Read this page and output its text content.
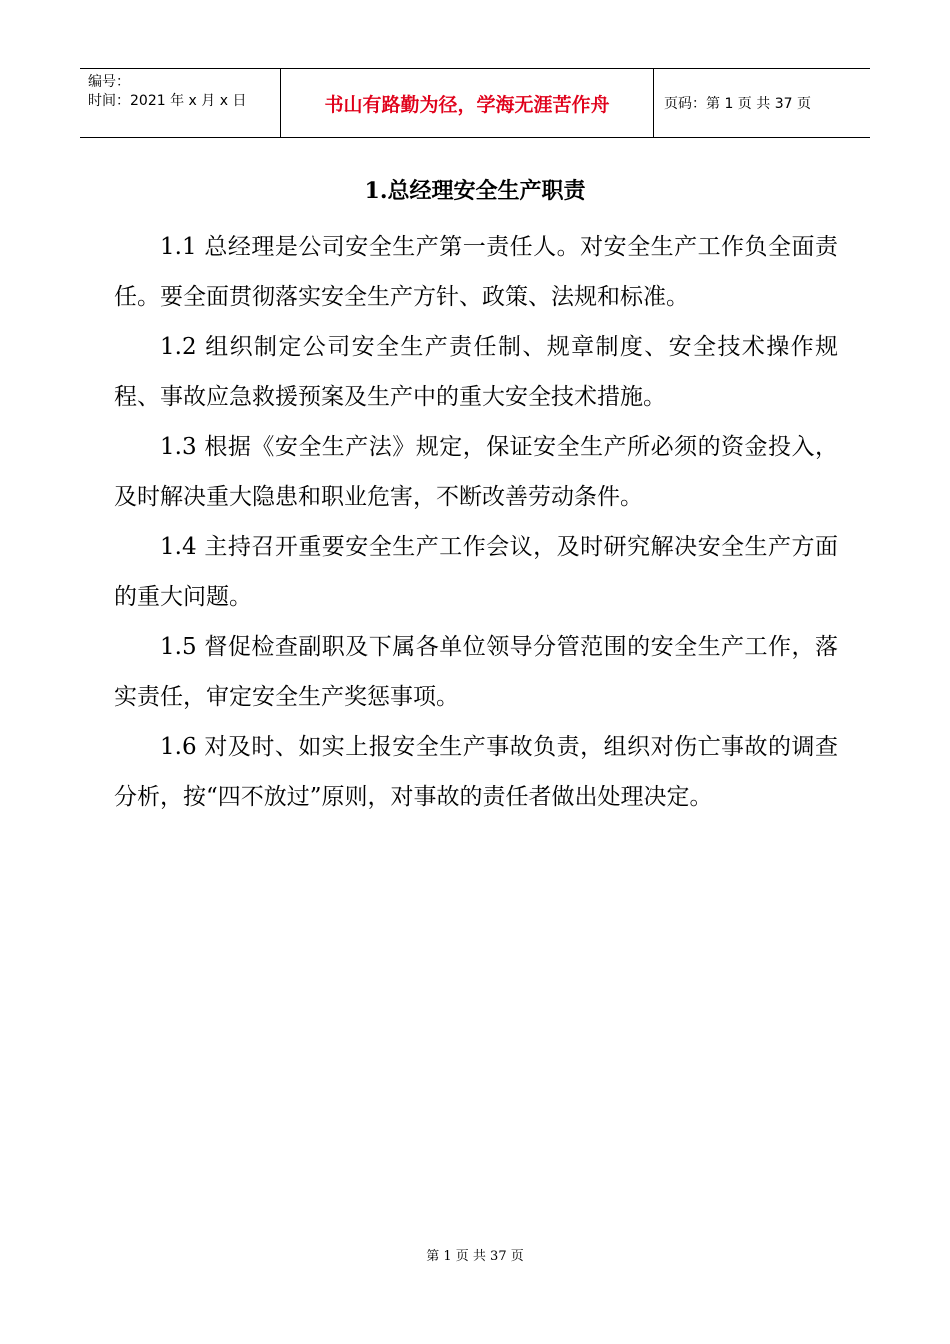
编号：
时间：2021 年 x 月 x 日	书山有路勤为径，学海无涯苦作舟	页码：第 1 页 共 37 页
1.总经理安全生产职责

1.1 总经理是公司安全生产第一责任人。对安全生产工作负全面责任。要全面贯彻落实安全生产方针、政策、法规和标准。

1.2 组织制定公司安全生产责任制、规章制度、安全技术操作规程、事故应急救援预案及生产中的重大安全技术措施。

1.3 根据《安全生产法》规定，保证安全生产所必须的资金投入，及时解决重大隐患和职业危害，不断改善劳动条件。

1.4 主持召开重要安全生产工作会议，及时研究解决安全生产方面的重大问题。

1.5 督促检查副职及下属各单位领导分管范围的安全生产工作，落实责任，审定安全生产奖惩事项。

1.6 对及时、如实上报安全生产事故负责，组织对伤亡事故的调查分析，按“四不放过”原则，对事故的责任者做出处理决定。

第 1 页 共 37 页
